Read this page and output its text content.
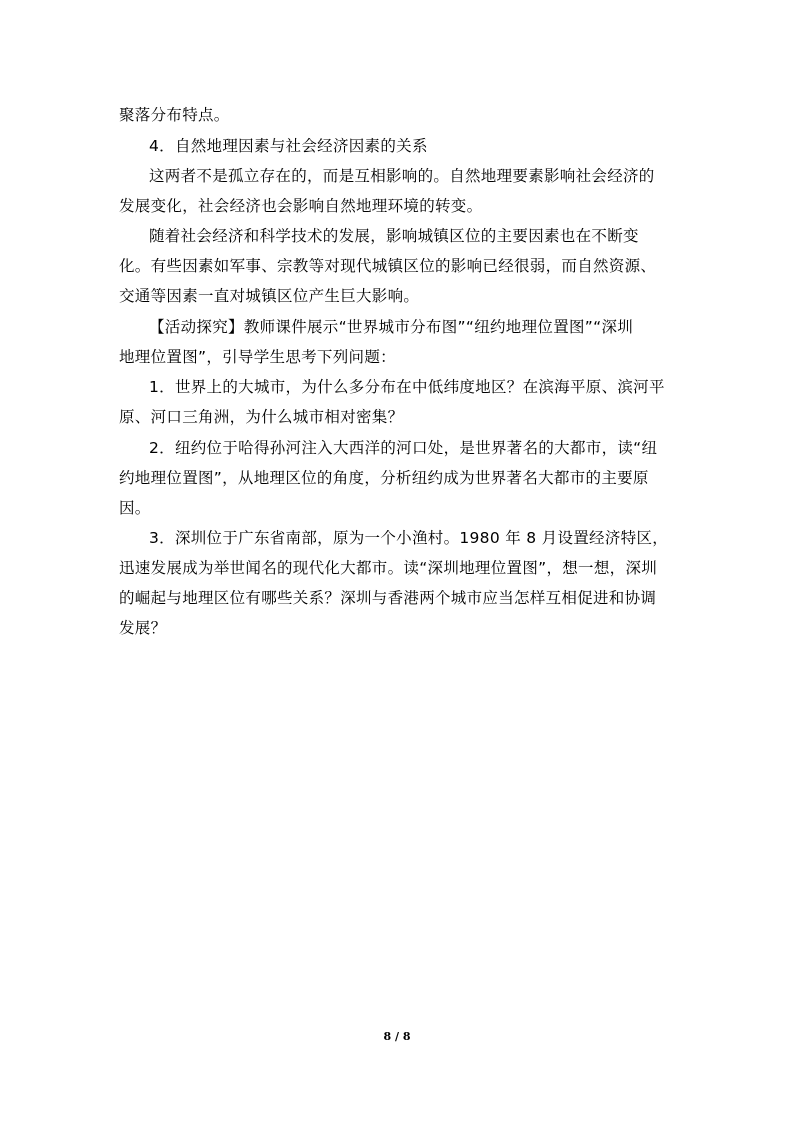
聚落分布特点。

4．自然地理因素与社会经济因素的关系

这两者不是孤立存在的，而是互相影响的。自然地理要素影响社会经济的

发展变化，社会经济也会影响自然地理环境的转变。

随着社会经济和科学技术的发展，影响城镇区位的主要因素也在不断变

化。有些因素如军事、宗教等对现代城镇区位的影响已经很弱，而自然资源、

交通等因素一直对城镇区位产生巨大影响。

【活动探究】教师课件展示“世界城市分布图”“纽约地理位置图”“深圳

地理位置图”，引导学生思考下列问题：

1．世界上的大城市，为什么多分布在中低纬度地区？在滨海平原、滨河平

原、河口三角洲，为什么城市相对密集？

2．纽约位于哈得孙河注入大西洋的河口处，是世界著名的大都市，读“纽

约地理位置图”，从地理区位的角度，分析纽约成为世界著名大都市的主要原

因。

3．深圳位于广东省南部，原为一个小渔村。1980 年 8 月设置经济特区，

迅速发展成为举世闻名的现代化大都市。读“深圳地理位置图”，想一想，深圳

的崛起与地理区位有哪些关系？深圳与香港两个城市应当怎样互相促进和协调

发展？

8 / 8
